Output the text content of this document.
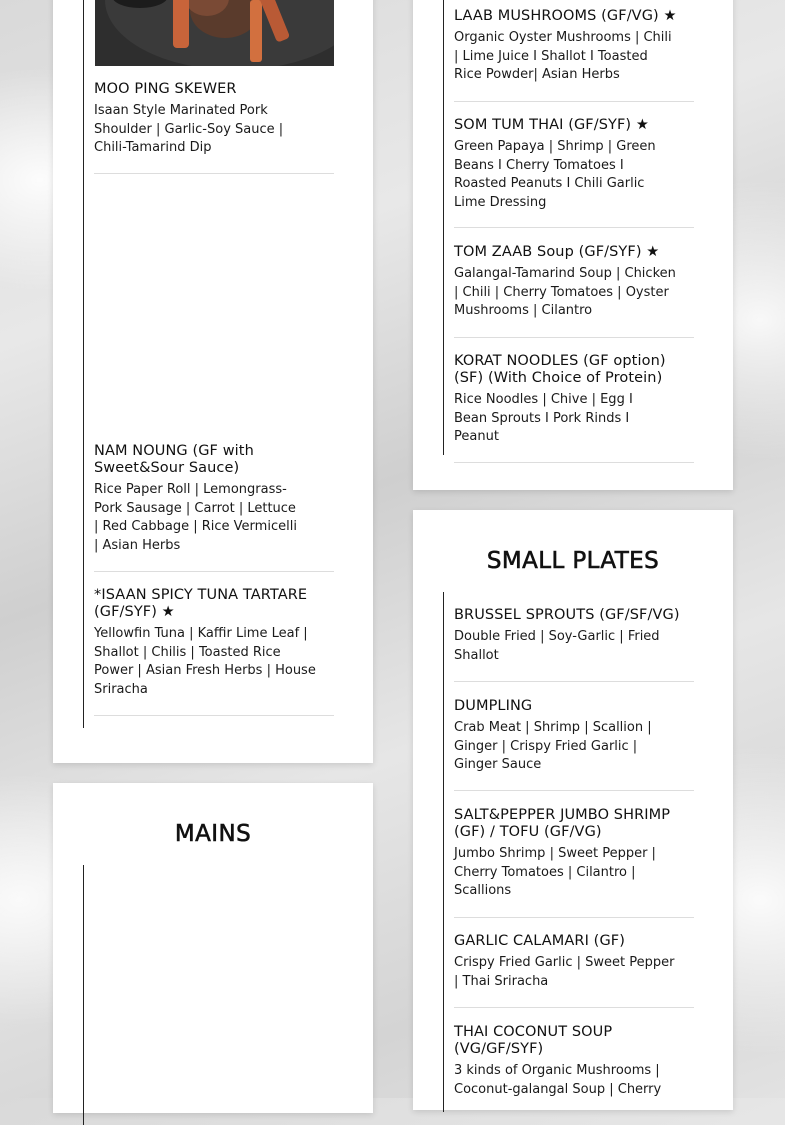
MOO PING SKEWER

Isaan Style Marinated Pork Shoulder | Garlic-Soy Sauce | Chili-Tamarind Dip

NAM NOUNG (GF with Sweet&Sour Sauce)

Rice Paper Roll | Lemongrass-Pork Sausage | Carrot | Lettuce | Red Cabbage | Rice Vermicelli | Asian Herbs

*ISAAN SPICY TUNA TARTARE (GF/SYF) ★

Yellowfin Tuna | Kaffir Lime Leaf | Shallot | Chilis | Toasted Rice Power | Asian Fresh Herbs | House Sriracha

MAINS

LAAB MUSHROOMS (GF/VG) ★

Organic Oyster Mushrooms | Chili | Lime Juice I Shallot I Toasted Rice Powder| Asian Herbs

SOM TUM THAI (GF/SYF) ★

Green Papaya | Shrimp | Green Beans I Cherry Tomatoes I Roasted Peanuts I Chili Garlic Lime Dressing

TOM ZAAB Soup (GF/SYF) ★

Galangal-Tamarind Soup | Chicken | Chili | Cherry Tomatoes | Oyster Mushrooms | Cilantro

KORAT NOODLES (GF option)(SF) (With Choice of Protein)

Rice Noodles | Chive | Egg I Bean Sprouts I Pork Rinds I Peanut

SMALL PLATES

BRUSSEL SPROUTS (GF/SF/VG)

Double Fried | Soy-Garlic | Fried Shallot

DUMPLING

Crab Meat | Shrimp | Scallion | Ginger | Crispy Fried Garlic | Ginger Sauce

SALT&PEPPER JUMBO SHRIMP (GF) / TOFU (GF/VG)

Jumbo Shrimp | Sweet Pepper | Cherry Tomatoes | Cilantro | Scallions

GARLIC CALAMARI (GF)

Crispy Fried Garlic | Sweet Pepper | Thai Sriracha

THAI COCONUT SOUP (VG/GF/SYF)

3 kinds of Organic Mushrooms | Coconut-galangal Soup | Cherry
